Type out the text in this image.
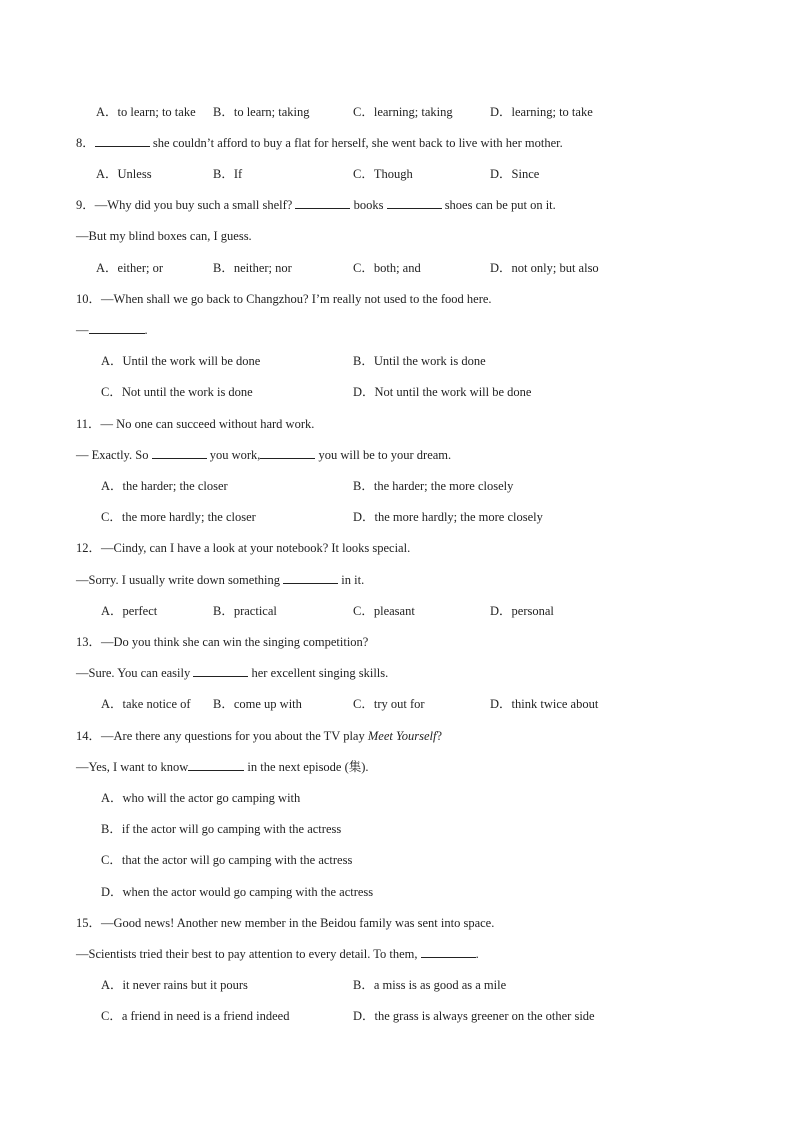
A．to learn; to take B．to learn; taking	C．learning; taking	D．learning; to take
8．	she couldn’t afford to buy a flat for herself, she went back to live with her mother.
A．Unless	B．If	C．Though	D．Since
9．—Why did you buy such a small shelf?	books	shoes can be put on it.
—But my blind boxes can, I guess.
A．either; or	B．neither; nor	C．both; and	D．not only; but also
10．—When shall we go back to Changzhou? I’m really not used to the food here.
—	.
A．Until the work will be done	B．Until the work is done
C．Not until the work is done	D．Not until the work will be done
11．— No one can succeed without hard work.
— Exactly. So	you work,	you will be to your dream.
A．the harder; the closer	B．the harder; the more closely
C．the more hardly; the closer	D．the more hardly; the more closely
12．—Cindy, can I have a look at your notebook? It looks special.
—Sorry. I usually write down something	in it.
A．perfect	B．practical	C．pleasant	D．personal
13．—Do you think she can win the singing competition?
—Sure. You can easily	her excellent singing skills.
A．take notice of B．come up with	C．try out for	D．think twice about
14．—Are there any questions for you about the TV play Meet Yourself?
—Yes, I want to know	in the next episode (集).
A．who will the actor go camping with
B．if the actor will go camping with the actress
C．that the actor will go camping with the actress
D．when the actor would go camping with the actress
15．—Good news! Another new member in the Beidou family was sent into space.
—Scientists tried their best to pay attention to every detail. To them,	.
A．it never rains but it pours	B．a miss is as good as a mile
C．a friend in need is a friend indeed	D．the grass is always greener on the other side
